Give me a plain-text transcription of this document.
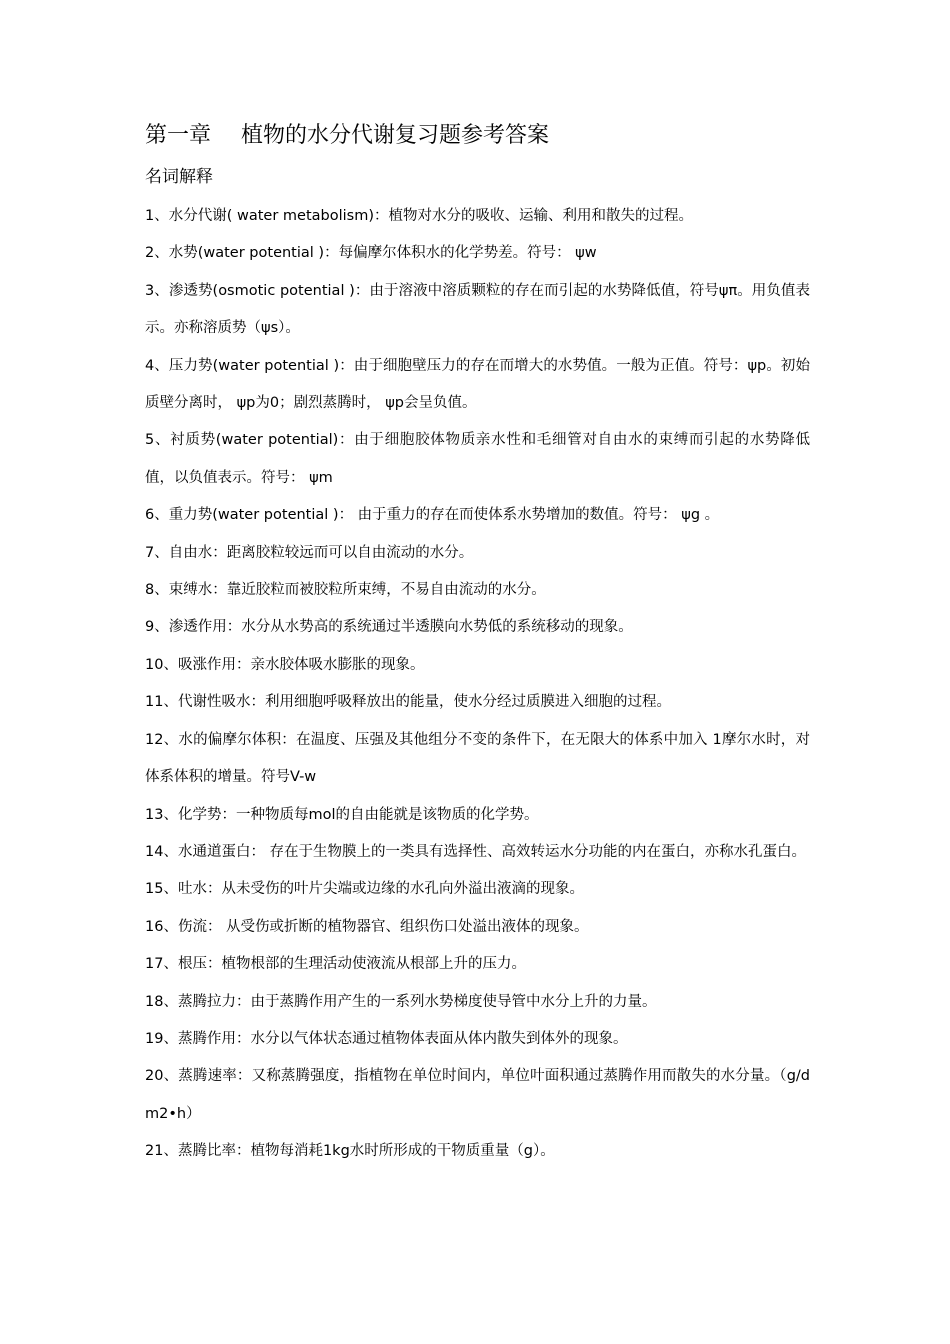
第一章 植物的水分代谢复习题参考答案
名词解释

1、水分代谢( water metabolism)：植物对水分的吸收、运输、利用和散失的过程。

2、水势(water potential )：每偏摩尔体积水的化学势差。符号： ψw

3、渗透势(osmotic potential )：由于溶液中溶质颗粒的存在而引起的水势降低值，符号ψπ。用负值表示。亦称溶质势（ψs）。

4、压力势(water potential )：由于细胞壁压力的存在而增大的水势值。一般为正值。符号：ψp。初始质壁分离时， ψp为0；剧烈蒸腾时， ψp会呈负值。

5、衬质势(water potential)：由于细胞胶体物质亲水性和毛细管对自由水的束缚而引起的水势降低值，以负值表示。符号： ψm

6、重力势(water potential )： 由于重力的存在而使体系水势增加的数值。符号： ψg 。

7、自由水：距离胶粒较远而可以自由流动的水分。

8、束缚水：靠近胶粒而被胶粒所束缚，不易自由流动的水分。

9、渗透作用：水分从水势高的系统通过半透膜向水势低的系统移动的现象。

10、吸涨作用：亲水胶体吸水膨胀的现象。

11、代谢性吸水：利用细胞呼吸释放出的能量，使水分经过质膜进入细胞的过程。

12、水的偏摩尔体积：在温度、压强及其他组分不变的条件下，在无限大的体系中加入 1摩尔水时，对体系体积的增量。符号V-w

13、化学势：一种物质每mol的自由能就是该物质的化学势。

14、水通道蛋白： 存在于生物膜上的一类具有选择性、高效转运水分功能的内在蛋白，亦称水孔蛋白。

15、吐水：从未受伤的叶片尖端或边缘的水孔向外溢出液滴的现象。

16、伤流： 从受伤或折断的植物器官、组织伤口处溢出液体的现象。

17、根压：植物根部的生理活动使液流从根部上升的压力。

18、蒸腾拉力：由于蒸腾作用产生的一系列水势梯度使导管中水分上升的力量。

19、蒸腾作用：水分以气体状态通过植物体表面从体内散失到体外的现象。

20、蒸腾速率：又称蒸腾强度，指植物在单位时间内，单位叶面积通过蒸腾作用而散失的水分量。（g/dm2•h）

21、蒸腾比率：植物每消耗1kg水时所形成的干物质重量（g）。
